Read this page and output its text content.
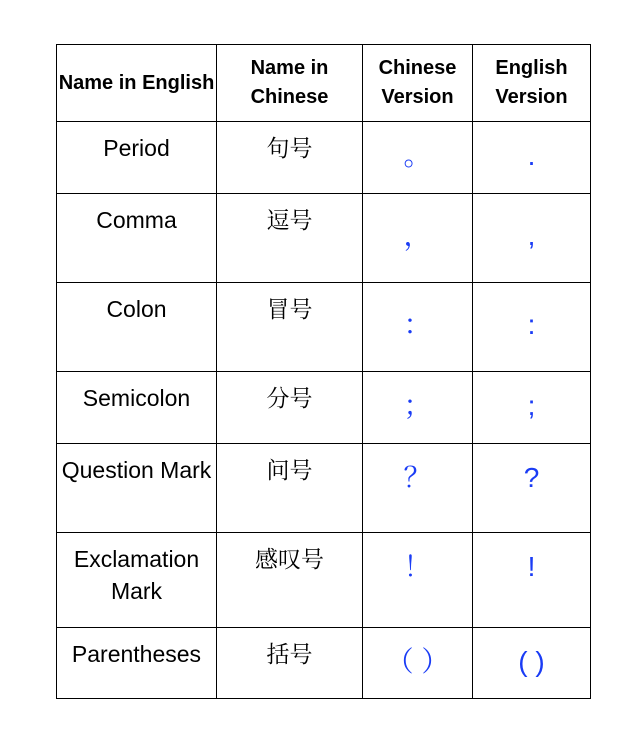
Name in English	Name in Chinese	Chinese Version	English Version

Period	句号	。	.

Comma	逗号	，	,

Colon	冒号	：	:

Semicolon	分号	；	;

Question Mark	问号	？	?

Exclamation Mark	感叹号	！	!

Parentheses	括号	（ ）	( )
